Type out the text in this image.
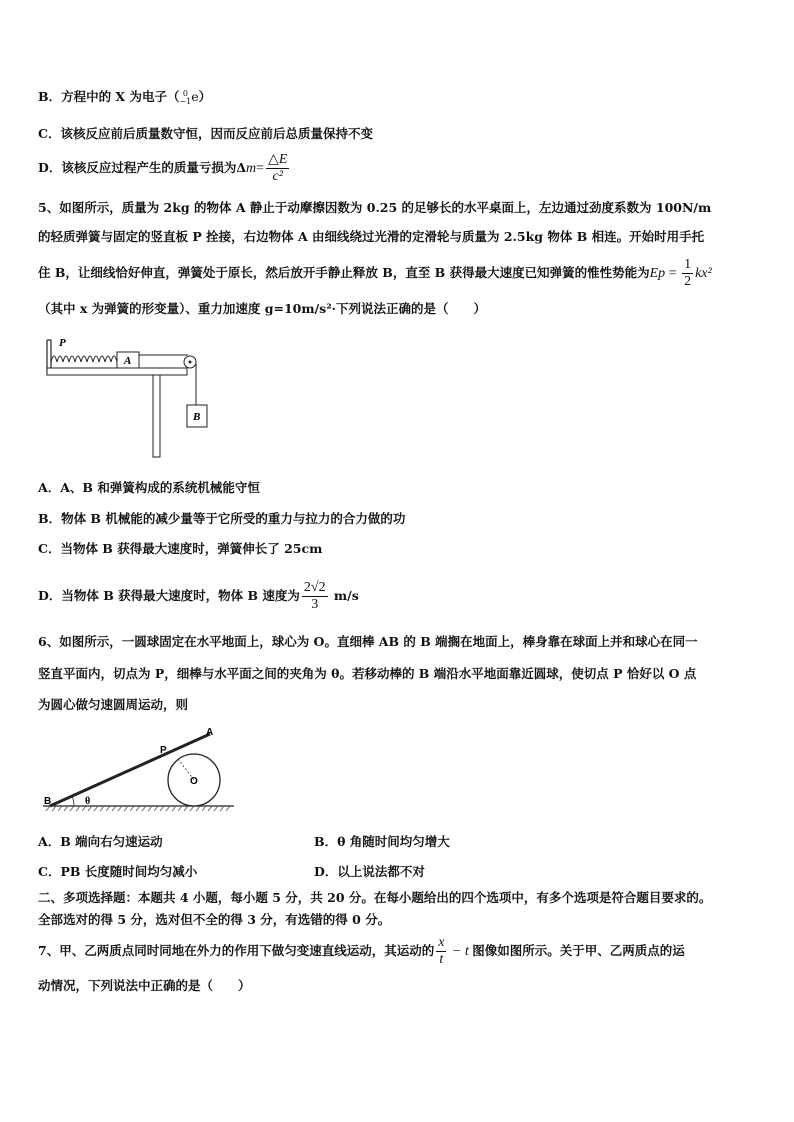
B．方程中的 X 为电子（ 0
−1 e）
C．该核反应前后质量数守恒，因而反应前后总质量保持不变
D．该核反应过程产生的质量亏损为$\Delta m= \frac{\triangle E}{\text{c²}}$
5、如图所示，质量为 2kg 的物体 A 静止于动摩擦因数为 0.25 的足够长的水平桌面上，左边通过劲度系数为 100N/m
的轻质弹簧与固定的竖直板 P 拴接，右边物体 A 由细线绕过光滑的定滑轮与质量为 2.5kg 物体 B 相连。开始时用手托
住 B，让细线恰好伸直，弹簧处于原长，然后放开手静止释放 B，直至 B 获得最大速度已知弹簧的惟性势能为$Ep = \frac{1}{2} kx^2$
（其中 x 为弹簧的形变量）、重力加速度 g=10m/s²·下列说法正确的是（　　）
P
A
B
A．A、B 和弹簧构成的系统机械能守恒
B．物体 B 机械能的减少量等于它所受的重力与拉力的合力做的功
C．当物体 B 获得最大速度时，弹簧伸长了 25cm
D．当物体 B 获得最大速度时，物体 B 速度为 $\frac{2√2}{3} m/s$
6、如图所示，一圆球固定在水平地面上，球心为 O。直细棒 AB 的 B 端搁在地面上，棒身靠在球面上并和球心在同一
竖直平面内，切点为 P，细棒与水平面之间的夹角为 θ。若移动棒的 B 端沿水平地面靠近圆球，使切点 P 恰好以 O 点
为圆心做匀速圆周运动，则
A
P
O
B	θ
A．B 端向右匀速运动	B．θ 角随时间均匀增大
C．PB 长度随时间均匀减小	D．以上说法都不对
二、多项选择题：本题共 4 小题，每小题 5 分，共 20 分。在每小题给出的四个选项中，有多个选项是符合题目要求的。
全部选对的得 5 分，选对但不全的得 3 分，有选错的得 0 分。
7、甲、乙两质点同时同地在外力的作用下做匀变速直线运动，其运动的 $\frac{x}{t} - t$ 图像如图所示。关于甲、乙两质点的运
动情况，下列说法中正确的是（　　）
